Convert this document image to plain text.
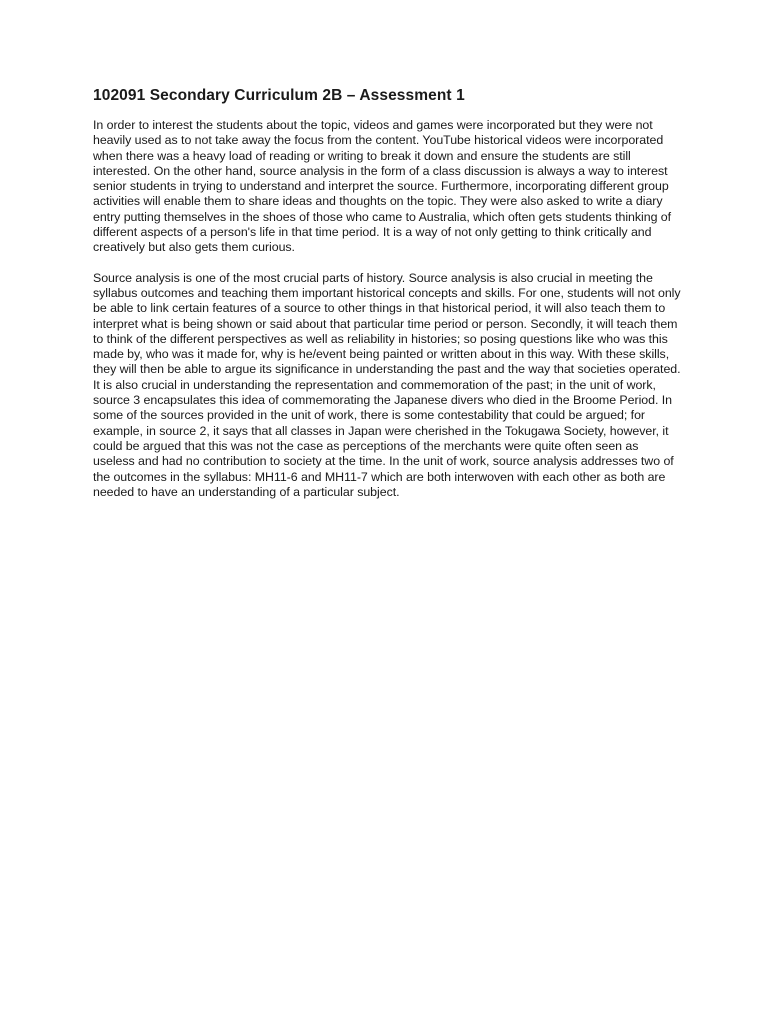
102091 Secondary Curriculum 2B – Assessment 1

In order to interest the students about the topic, videos and games were incorporated but they were not heavily used as to not take away the focus from the content. YouTube historical videos were incorporated when there was a heavy load of reading or writing to break it down and ensure the students are still interested. On the other hand, source analysis in the form of a class discussion is always a way to interest senior students in trying to understand and interpret the source. Furthermore, incorporating different group activities will enable them to share ideas and thoughts on the topic. They were also asked to write a diary entry putting themselves in the shoes of those who came to Australia, which often gets students thinking of different aspects of a person's life in that time period. It is a way of not only getting to think critically and creatively but also gets them curious.

Source analysis is one of the most crucial parts of history. Source analysis is also crucial in meeting the syllabus outcomes and teaching them important historical concepts and skills. For one, students will not only be able to link certain features of a source to other things in that historical period, it will also teach them to interpret what is being shown or said about that particular time period or person. Secondly, it will teach them to think of the different perspectives as well as reliability in histories; so posing questions like who was this made by, who was it made for, why is he/event being painted or written about in this way. With these skills, they will then be able to argue its significance in understanding the past and the way that societies operated. It is also crucial in understanding the representation and commemoration of the past; in the unit of work, source 3 encapsulates this idea of commemorating the Japanese divers who died in the Broome Period. In some of the sources provided in the unit of work, there is some contestability that could be argued; for example, in source 2, it says that all classes in Japan were cherished in the Tokugawa Society, however, it could be argued that this was not the case as perceptions of the merchants were quite often seen as useless and had no contribution to society at the time. In the unit of work, source analysis addresses two of the outcomes in the syllabus: MH11-6 and MH11-7 which are both interwoven with each other as both are needed to have an understanding of a particular subject.
